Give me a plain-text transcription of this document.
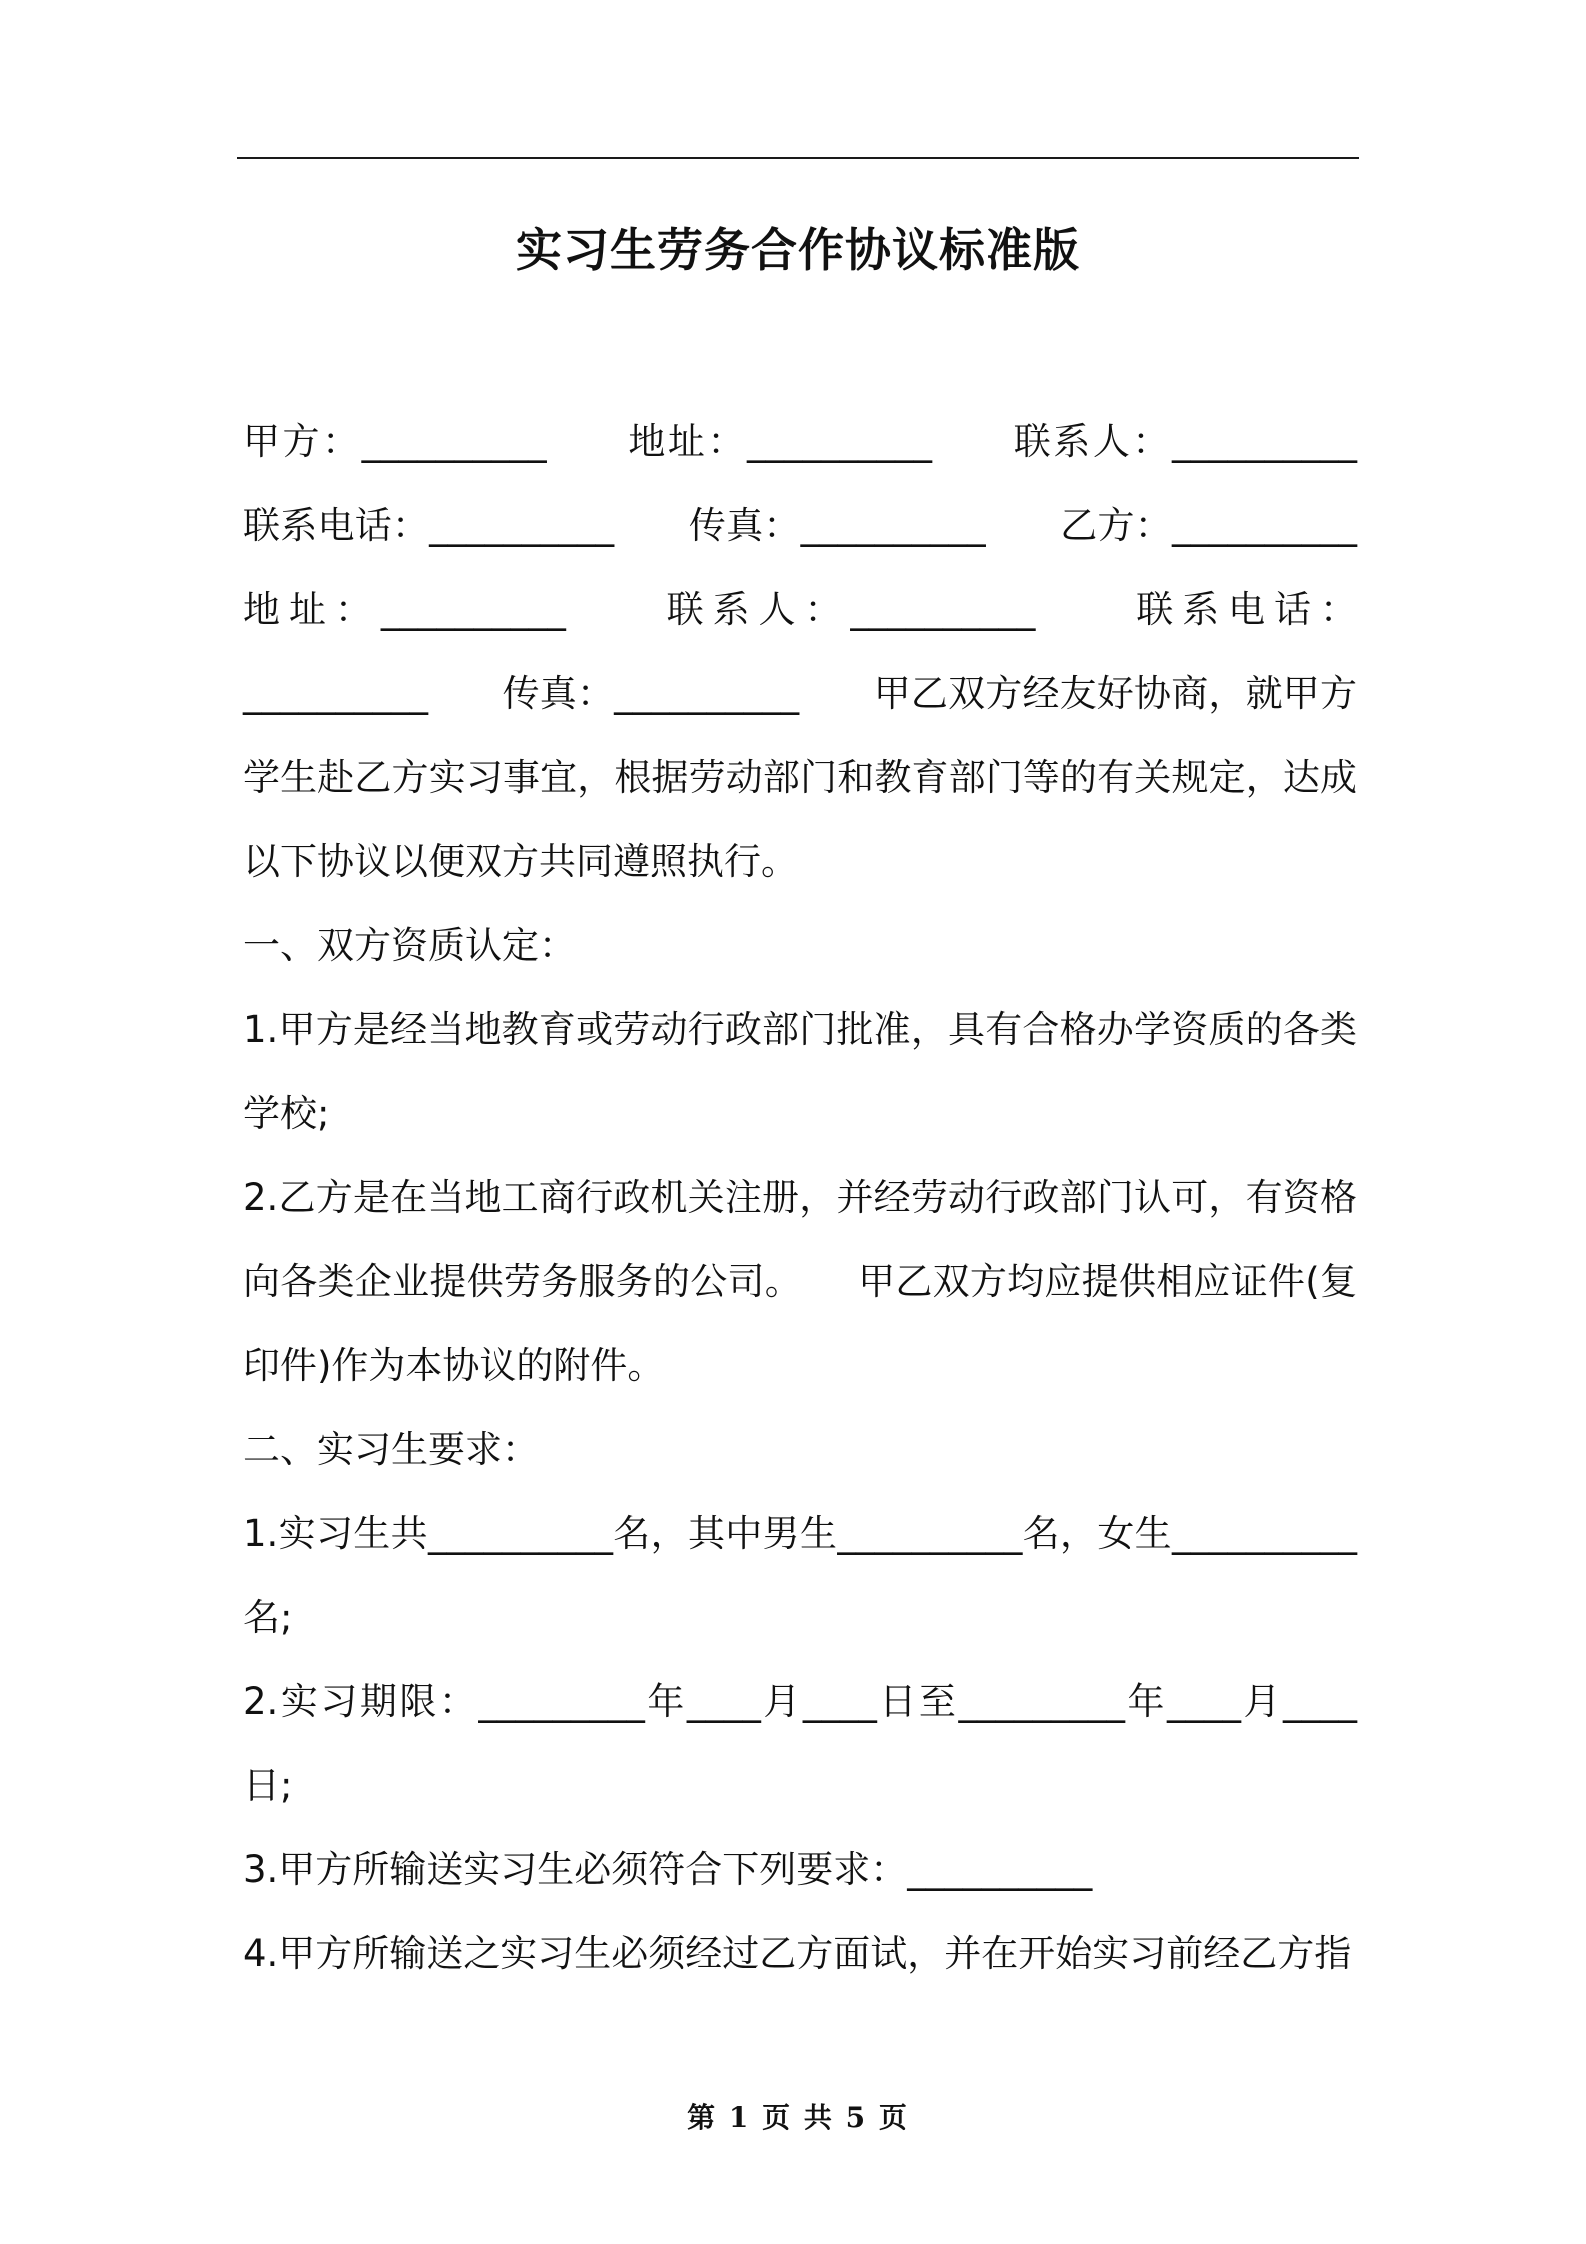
实习生劳务合作协议标准版

甲方：__________　　地址：__________　　联系人：__________
联系电话：__________　　传真：__________　　乙方：__________
地址：__________　　联系人：__________　　联系电话：
__________　　传真：__________　　甲乙双方经友好协商，就甲方学生赴乙方实习事宜，根据劳动部门和教育部门等的有关规定，达成以下协议以便双方共同遵照执行。

一、双方资质认定：

1.甲方是经当地教育或劳动行政部门批准，具有合格办学资质的各类学校;

2.乙方是在当地工商行政机关注册，并经劳动行政部门认可，有资格向各类企业提供劳务服务的公司。　　甲乙双方均应提供相应证件(复印件)作为本协议的附件。

二、实习生要求：

1.实习生共__________名，其中男生__________名，女生__________名;

2.实习期限：_________年____月____日至_________年____月____日;

3.甲方所输送实习生必须符合下列要求：__________

4.甲方所输送之实习生必须经过乙方面试，并在开始实习前经乙方指

第 1 页 共 5 页
